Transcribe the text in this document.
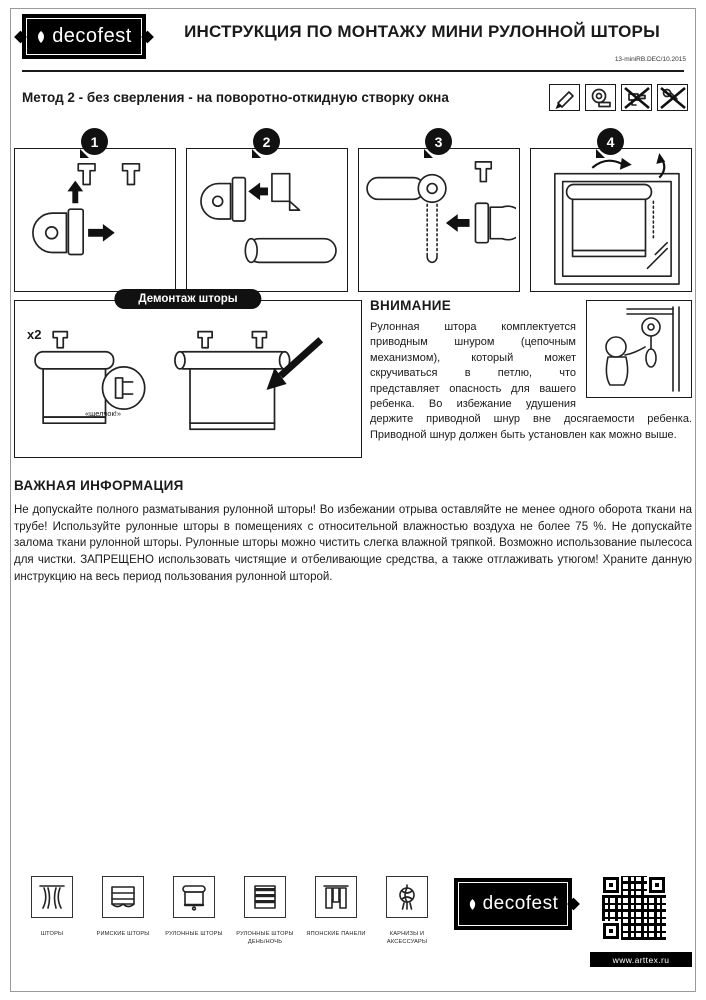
decofest	ИНСТРУКЦИЯ ПО МОНТАЖУ МИНИ РУЛОННОЙ ШТОРЫ
13-miniRB.DEC/10.2015
Метод 2 - без сверления - на поворотно-откидную створку окна
1	2	3	4
Демонтаж шторы
x2
«щелчок!»
ВНИМАНИЕ

Рулонная штора комплектуется приводным шнуром (цепочным механизмом), который может скручиваться в петлю, что представляет опасность для вашего ребенка. Во избежание удушения держите приводной шнур вне досягаемости ребенка. Приводной шнур должен быть установлен как можно выше.

ВАЖНАЯ ИНФОРМАЦИЯ

Не допускайте полного разматывания рулонной шторы! Во избежании отрыва оставляйте не менее одного оборота ткани на трубе! Используйте рулонные шторы в помещениях с относительной влажностью воздуха не более 75 %. Не допускайте залома ткани рулонной шторы. Рулонные шторы можно чистить слегка влажной тряпкой. Возможно использование пылесоса для чистки. ЗАПРЕЩЕНО использовать чистящие и отбеливающие средства, а также отглаживать утюгом! Храните данную инструкцию на весь период пользования рулонной шторой.

ШТОРЫ	РИМСКИЕ ШТОРЫ	РУЛОННЫЕ ШТОРЫ	РУЛОННЫЕ ШТОРЫ ДЕНЬ/НОЧЬ
ЯПОНСКИЕ ПАНЕЛИ	КАРНИЗЫ И АКСЕССУАРЫ
decofest
www.arttex.ru
